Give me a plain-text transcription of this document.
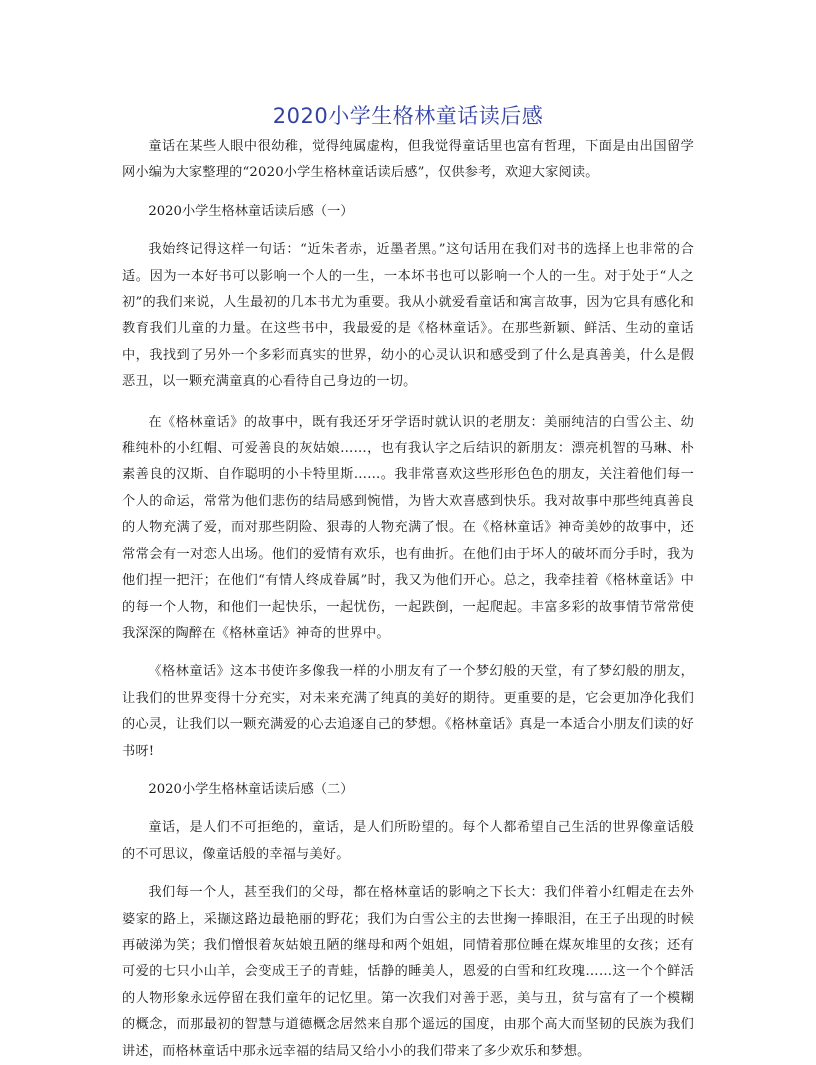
2020小学生格林童话读后感

童话在某些人眼中很幼稚，觉得纯属虚构，但我觉得童话里也富有哲理，下面是由出国留学网小编为大家整理的“2020小学生格林童话读后感”，仅供参考，欢迎大家阅读。

2020小学生格林童话读后感（一）

我始终记得这样一句话：“近朱者赤，近墨者黑。”这句话用在我们对书的选择上也非常的合适。因为一本好书可以影响一个人的一生，一本坏书也可以影响一个人的一生。对于处于“人之初”的我们来说，人生最初的几本书尤为重要。我从小就爱看童话和寓言故事，因为它具有感化和教育我们儿童的力量。在这些书中，我最爱的是《格林童话》。在那些新颖、鲜活、生动的童话中，我找到了另外一个多彩而真实的世界，幼小的心灵认识和感受到了什么是真善美，什么是假恶丑，以一颗充满童真的心看待自己身边的一切。

在《格林童话》的故事中，既有我还牙牙学语时就认识的老朋友：美丽纯洁的白雪公主、幼稚纯朴的小红帽、可爱善良的灰姑娘……，也有我认字之后结识的新朋友：漂亮机智的马琳、朴素善良的汉斯、自作聪明的小卡特里斯……。我非常喜欢这些形形色色的朋友，关注着他们每一个人的命运，常常为他们悲伤的结局感到惋惜，为皆大欢喜感到快乐。我对故事中那些纯真善良的人物充满了爱，而对那些阴险、狠毒的人物充满了恨。在《格林童话》神奇美妙的故事中，还常常会有一对恋人出场。他们的爱情有欢乐，也有曲折。在他们由于坏人的破坏而分手时，我为他们捏一把汗；在他们“有情人终成眷属”时，我又为他们开心。总之，我牵挂着《格林童话》中的每一个人物，和他们一起快乐，一起忧伤，一起跌倒，一起爬起。丰富多彩的故事情节常常使我深深的陶醉在《格林童话》神奇的世界中。

《格林童话》这本书使许多像我一样的小朋友有了一个梦幻般的天堂，有了梦幻般的朋友，让我们的世界变得十分充实，对未来充满了纯真的美好的期待。更重要的是，它会更加净化我们的心灵，让我们以一颗充满爱的心去追逐自己的梦想。《格林童话》真是一本适合小朋友们读的好书呀!

2020小学生格林童话读后感（二）

童话，是人们不可拒绝的，童话，是人们所盼望的。每个人都希望自己生活的世界像童话般的不可思议，像童话般的幸福与美好。

我们每一个人，甚至我们的父母，都在格林童话的影响之下长大：我们伴着小红帽走在去外婆家的路上，采撷这路边最艳丽的野花；我们为白雪公主的去世掬一捧眼泪，在王子出现的时候再破涕为笑；我们憎恨着灰姑娘丑陋的继母和两个姐姐，同情着那位睡在煤灰堆里的女孩；还有可爱的七只小山羊，会变成王子的青蛙，恬静的睡美人，恩爱的白雪和红玫瑰……这一个个鲜活的人物形象永远停留在我们童年的记忆里。第一次我们对善于恶，美与丑，贫与富有了一个模糊的概念，而那最初的智慧与道德概念居然来自那个遥远的国度，由那个高大而坚韧的民族为我们讲述，而格林童话中那永远幸福的结局又给小小的我们带来了多少欢乐和梦想。
